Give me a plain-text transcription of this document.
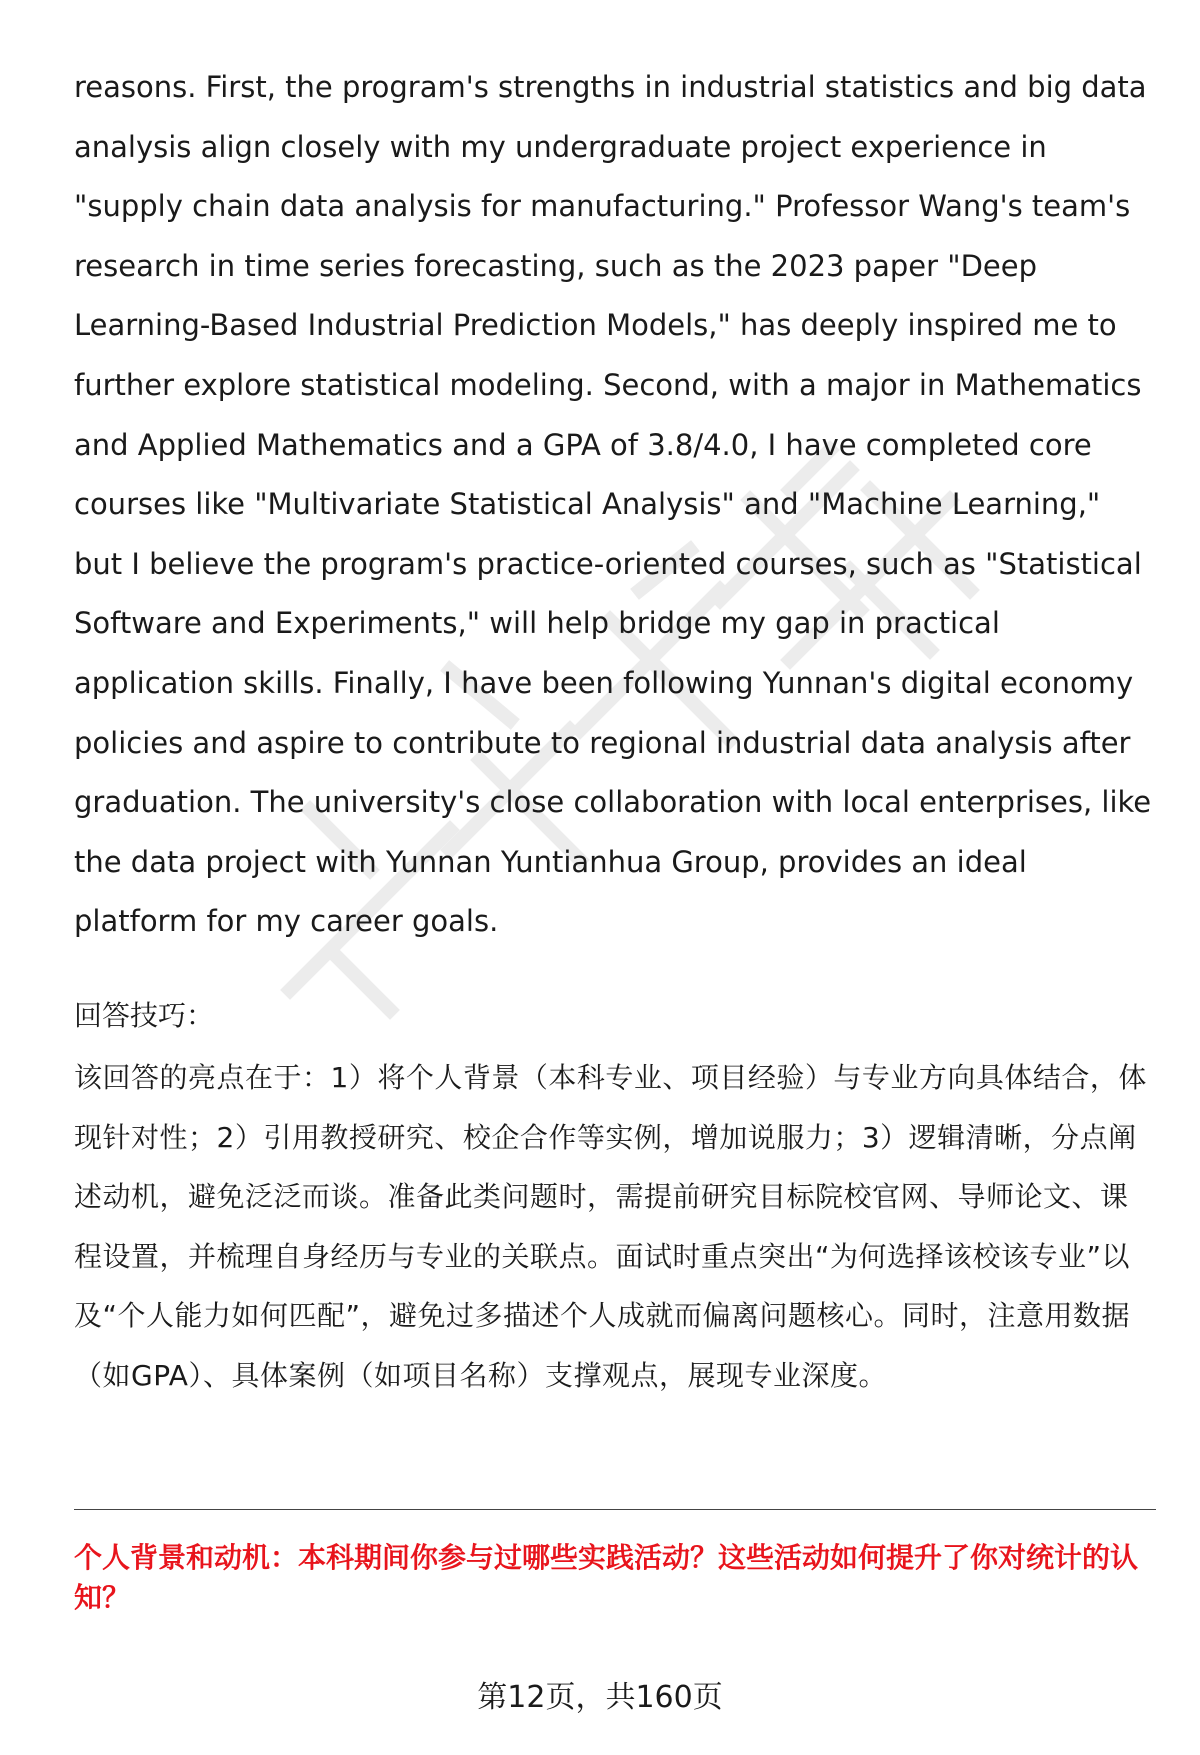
reasons. First, the program's strengths in industrial statistics and big data analysis align closely with my undergraduate project experience in "supply chain data analysis for manufacturing." Professor Wang's team's research in time series forecasting, such as the 2023 paper "Deep Learning-Based Industrial Prediction Models," has deeply inspired me to further explore statistical modeling. Second, with a major in Mathematics and Applied Mathematics and a GPA of 3.8/4.0, I have completed core courses like "Multivariate Statistical Analysis" and "Machine Learning," but I believe the program's practice-oriented courses, such as "Statistical Software and Experiments," will help bridge my gap in practical application skills. Finally, I have been following Yunnan's digital economy policies and aspire to contribute to regional industrial data analysis after graduation. The university's close collaboration with local enterprises, like the data project with Yunnan Yuntianhua Group, provides an ideal platform for my career goals.

回答技巧：

该回答的亮点在于：1）将个人背景（本科专业、项目经验）与专业方向具体结合，体现针对性；2）引用教授研究、校企合作等实例，增加说服力；3）逻辑清晰，分点阐述动机，避免泛泛而谈。准备此类问题时，需提前研究目标院校官网、导师论文、课程设置，并梳理自身经历与专业的关联点。面试时重点突出“为何选择该校该专业”以及“个人能力如何匹配”，避免过多描述个人成就而偏离问题核心。同时，注意用数据（如GPA）、具体案例（如项目名称）支撑观点，展现专业深度。

个人背景和动机：本科期间你参与过哪些实践活动？这些活动如何提升了你对统计的认知？

第12页，共160页
